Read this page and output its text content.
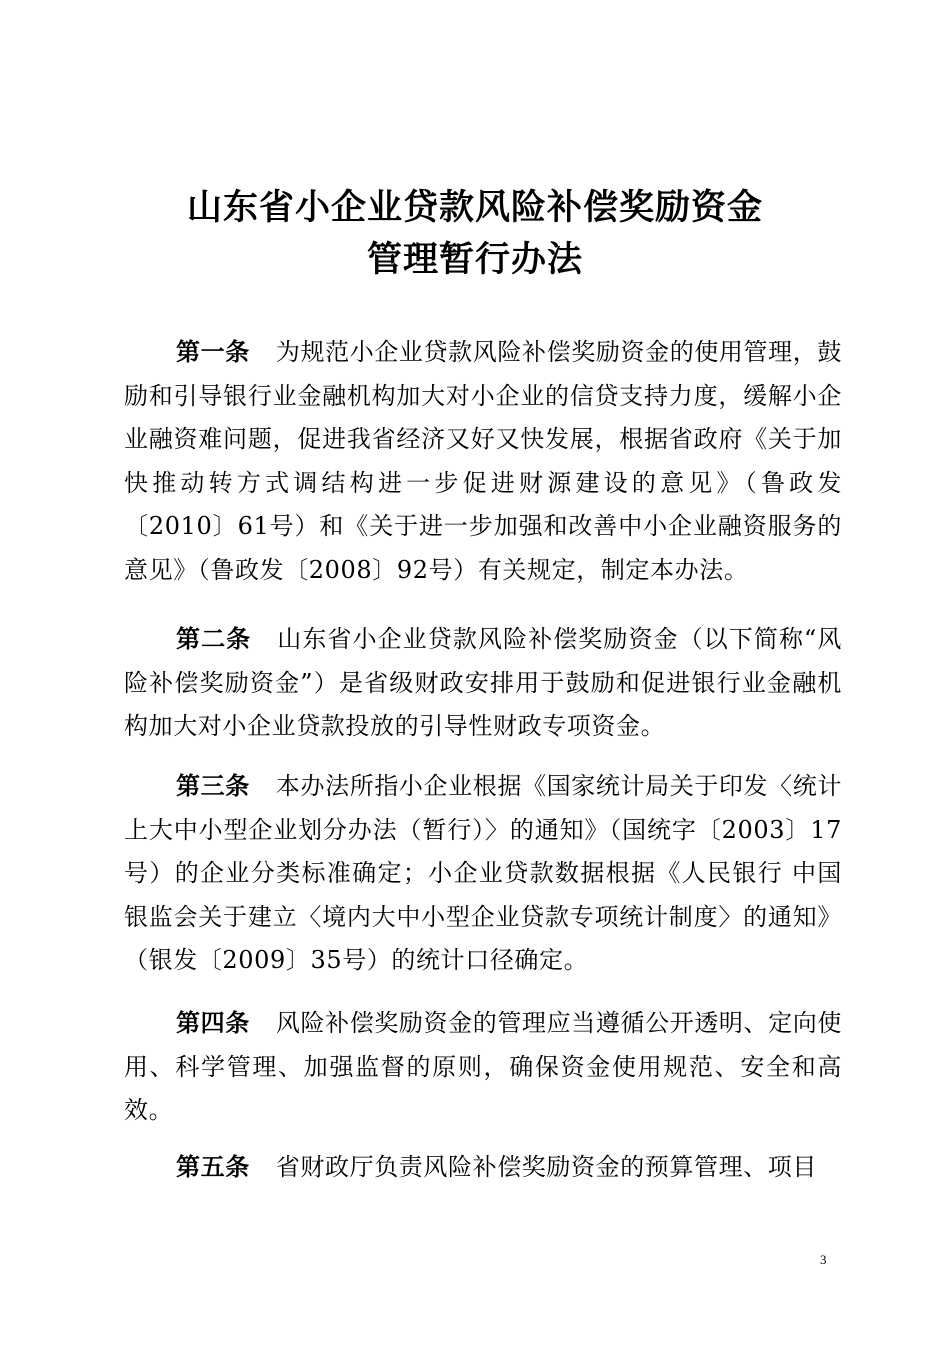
山东省小企业贷款风险补偿奖励资金
管理暂行办法

第一条 为规范小企业贷款风险补偿奖励资金的使用管理，鼓励和引导银行业金融机构加大对小企业的信贷支持力度，缓解小企业融资难问题，促进我省经济又好又快发展，根据省政府《关于加快推动转方式调结构进一步促进财源建设的意见》（鲁政发〔2010〕61号）和《关于进一步加强和改善中小企业融资服务的意见》（鲁政发〔2008〕92号）有关规定，制定本办法。

第二条 山东省小企业贷款风险补偿奖励资金（以下简称“风险补偿奖励资金”）是省级财政安排用于鼓励和促进银行业金融机构加大对小企业贷款投放的引导性财政专项资金。

第三条 本办法所指小企业根据《国家统计局关于印发〈统计上大中小型企业划分办法（暂行）〉的通知》（国统字〔2003〕17号）的企业分类标准确定；小企业贷款数据根据《人民银行 中国银监会关于建立〈境内大中小型企业贷款专项统计制度〉的通知》（银发〔2009〕35号）的统计口径确定。

第四条 风险补偿奖励资金的管理应当遵循公开透明、定向使用、科学管理、加强监督的原则，确保资金使用规范、安全和高效。

第五条 省财政厅负责风险补偿奖励资金的预算管理、项目

3
